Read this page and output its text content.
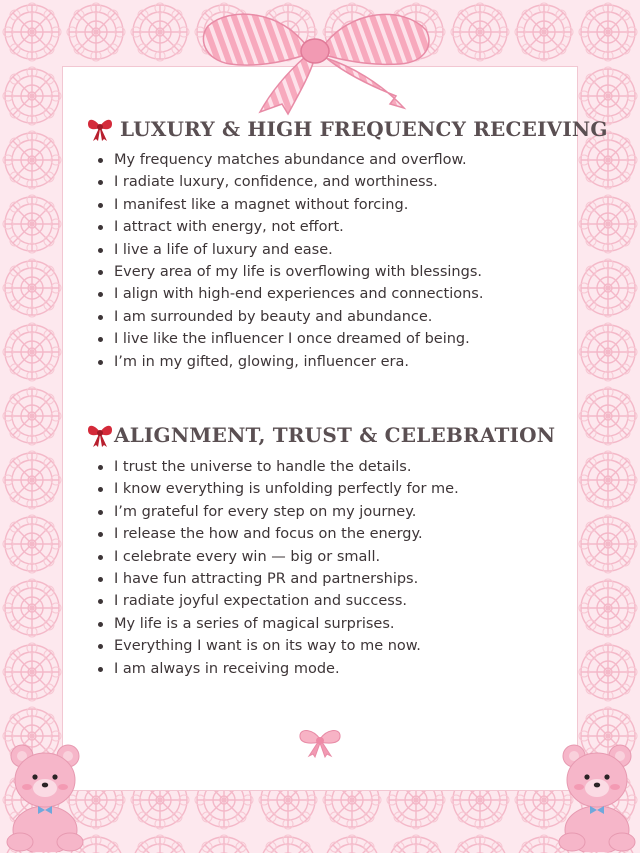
LUXURY & HIGH FREQUENCY RECEIVING
My frequency matches abundance and overflow.
I radiate luxury, confidence, and worthiness.
I manifest like a magnet without forcing.
I attract with energy, not effort.
I live a life of luxury and ease.
Every area of my life is overflowing with blessings.
I align with high-end experiences and connections.
I am surrounded by beauty and abundance.
I live like the influencer I once dreamed of being.
I’m in my gifted, glowing, influencer era.
ALIGNMENT, TRUST & CELEBRATION
I trust the universe to handle the details.
I know everything is unfolding perfectly for me.
I’m grateful for every step on my journey.
I release the how and focus on the energy.
I celebrate every win — big or small.
I have fun attracting PR and partnerships.
I radiate joyful expectation and success.
My life is a series of magical surprises.
Everything I want is on its way to me now.
I am always in receiving mode.
